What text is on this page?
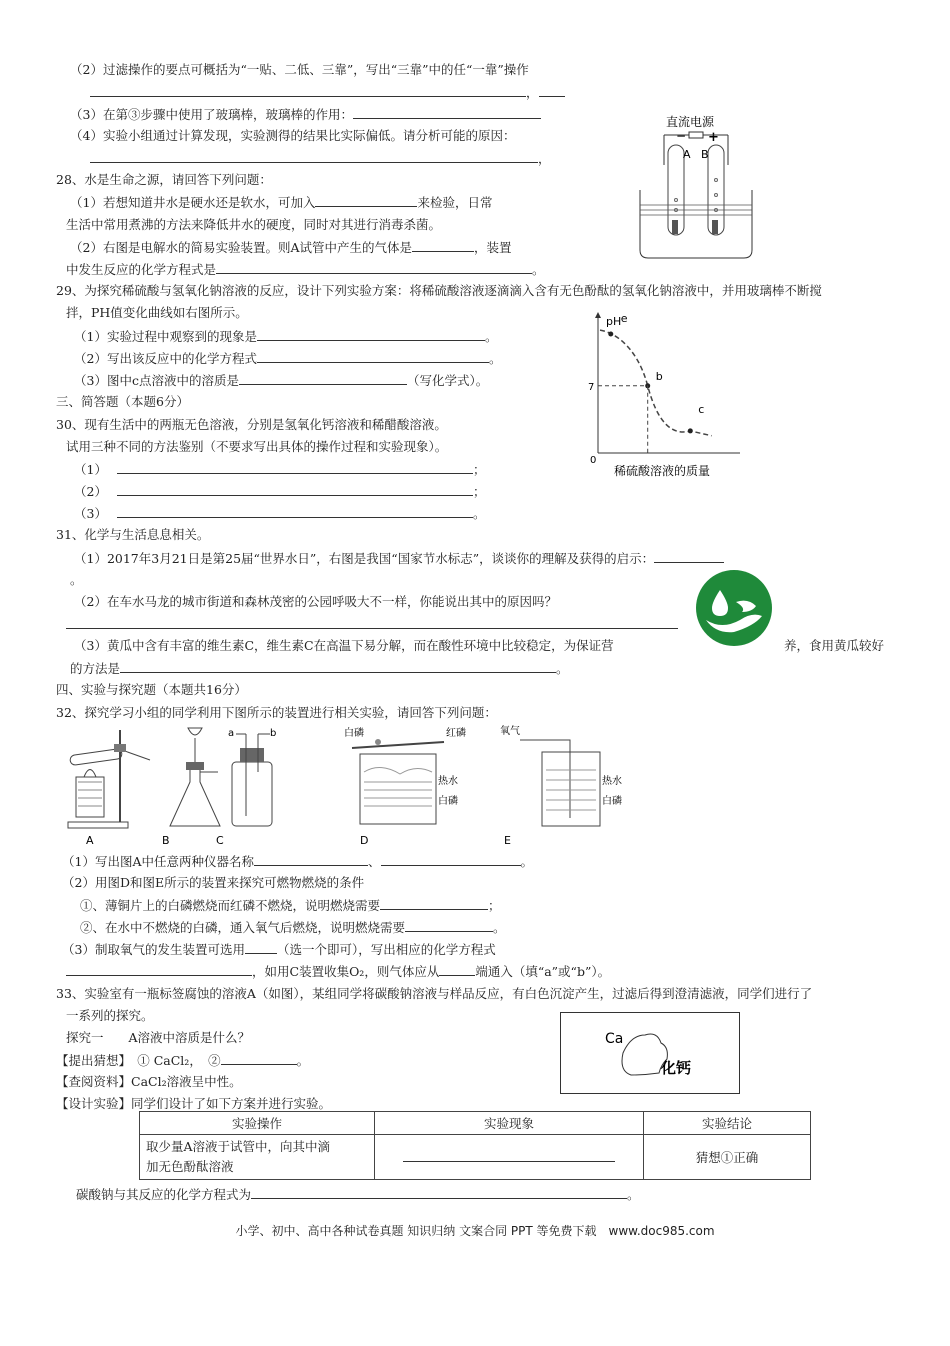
（2）过滤操作的要点可概括为“一贴、二低、三靠”，写出“三靠”中的任“一靠”操作
，
（3）在第③步骤中使用了玻璃棒，玻璃棒的作用：
（4）实验小组通过计算发现，实验测得的结果比实际偏低。请分析可能的原因：
，
28、水是生命之源，请回答下列问题：
（1）若想知道井水是硬水还是软水，可加入	来检验，日常
生活中常用煮沸的方法来降低井水的硬度，同时对其进行消毒杀菌。
（2）右图是电解水的简易实验装置。则A试管中产生的气体是	，装置
中发生反应的化学方程式是	。
直流电源
− +
A B
29、为探究稀硫酸与氢氧化钠溶液的反应，设计下列实验方案：将稀硫酸溶液逐滴滴入含有无色酚酞的氢氧化钠溶液中，并用玻璃棒不断搅
拌，PH值变化曲线如右图所示。
（1）实验过程中观察到的现象是	。
（2）写出该反应中的化学方程式	。
（3）图中c点溶液中的溶质是	（写化学式）。
pH
7
0
稀硫酸溶液的质量
e
b
c
三、简答题（本题6分）
30、现有生活中的两瓶无色溶液，分别是氢氧化钙溶液和稀醋酸溶液。
试用三种不同的方法鉴别（不要求写出具体的操作过程和实验现象）。
（1）	；
（2）	；
（3）	。
31、化学与生活息息相关。
（1）2017年3月21日是第25届“世界水日”，右图是我国“国家节水标志”，谈谈你的理解及获得的启示：
。
（2）在车水马龙的城市街道和森林茂密的公园呼吸大不一样，你能说出其中的原因吗？
（3）黄瓜中含有丰富的维生素C，维生素C在高温下易分解，而在酸性环境中比较稳定，为保证营	养，食用黄瓜较好
的方法是	。
四、实验与探究题（本题共16分）
32、探究学习小组的同学利用下图所示的装置进行相关实验，请回答下列问题：
A	B
a	b
C
白磷	红磷
热水
白磷
D
氧气
热水
白磷
E
（1）写出图A中任意两种仪器名称	、	。
（2）用图D和图E所示的装置来探究可燃物燃烧的条件
①、薄铜片上的白磷燃烧而红磷不燃烧，说明燃烧需要	；
②、在水中不燃烧的白磷，通入氧气后燃烧，说明燃烧需要	。
（3）制取氧气的发生装置可选用	（选一个即可），写出相应的化学方程式
，如用C装置收集O₂，则气体应从	端通入（填“a”或“b”）。
33、实验室有一瓶标签腐蚀的溶液A（如图），某组同学将碳酸钠溶液与样品反应，有白色沉淀产生，过滤后得到澄清滤液，同学们进行了
一系列的探究。
探究一　　A溶液中溶质是什么？
【提出猜想】　① CaCl₂，　②	。
【查阅资料】CaCl₂溶液呈中性。
【设计实验】同学们设计了如下方案并进行实验。
Ca
化钙
实验操作	实验现象	实验结论

取少量A溶液于试管中，向其中滴
加无色酚酞溶液		猜想①正确
碳酸钠与其反应的化学方程式为	。
小学、初中、高中各种试卷真题 知识归纳 文案合同 PPT 等免费下载　www.doc985.com
